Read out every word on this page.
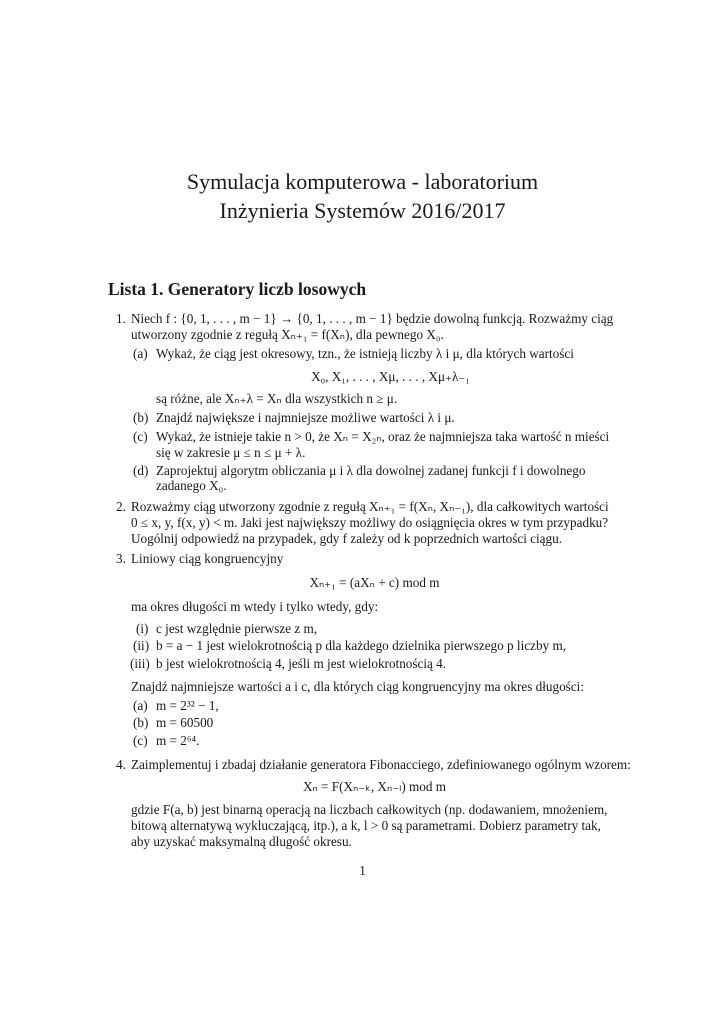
Symulacja komputerowa - laboratorium
Inżynieria Systemów 2016/2017
Lista 1. Generatory liczb losowych
1. Niech f : {0, 1, . . . , m − 1} → {0, 1, . . . , m − 1} będzie dowolną funkcją. Rozważmy ciąg
utworzony zgodnie z regułą Xₙ₊₁ = f(Xₙ), dla pewnego X₀.
(a) Wykaż, że ciąg jest okresowy, tzn., że istnieją liczby λ i μ, dla których wartości
X₀, X₁, . . . , Xμ, . . . , Xμ₊λ₋₁
są różne, ale Xₙ₊λ = Xₙ dla wszystkich n ≥ μ.
(b) Znajdź największe i najmniejsze możliwe wartości λ i μ.
(c) Wykaż, że istnieje takie n > 0, że Xₙ = X₂ₙ, oraz że najmniejsza taka wartość n mieści
się w zakresie μ ≤ n ≤ μ + λ.
(d) Zaprojektuj algorytm obliczania μ i λ dla dowolnej zadanej funkcji f i dowolnego
zadanego X₀.
2. Rozważmy ciąg utworzony zgodnie z regułą Xₙ₊₁ = f(Xₙ, Xₙ₋₁), dla całkowitych wartości
0 ≤ x, y, f(x, y) < m. Jaki jest największy możliwy do osiągnięcia okres w tym przypadku?
Uogólnij odpowiedź na przypadek, gdy f zależy od k poprzednich wartości ciągu.
3. Liniowy ciąg kongruencyjny
Xₙ₊₁ = (aXₙ + c) mod m
ma okres długości m wtedy i tylko wtedy, gdy:
(i) c jest względnie pierwsze z m,
(ii) b = a − 1 jest wielokrotnością p dla każdego dzielnika pierwszego p liczby m,
(iii) b jest wielokrotnością 4, jeśli m jest wielokrotnością 4.
Znajdź najmniejsze wartości a i c, dla których ciąg kongruencyjny ma okres długości:
(a) m = 2³² − 1,
(b) m = 60500
(c) m = 2⁶⁴.
4. Zaimplementuj i zbadaj działanie generatora Fibonacciego, zdefiniowanego ogólnym wzorem:
Xₙ = F(Xₙ₋ₖ, Xₙ₋ₗ) mod m
gdzie F(a, b) jest binarną operacją na liczbach całkowitych (np. dodawaniem, mnożeniem,
bitową alternatywą wykluczającą, itp.), a k, l > 0 są parametrami. Dobierz parametry tak,
aby uzyskać maksymalną długość okresu.
1
